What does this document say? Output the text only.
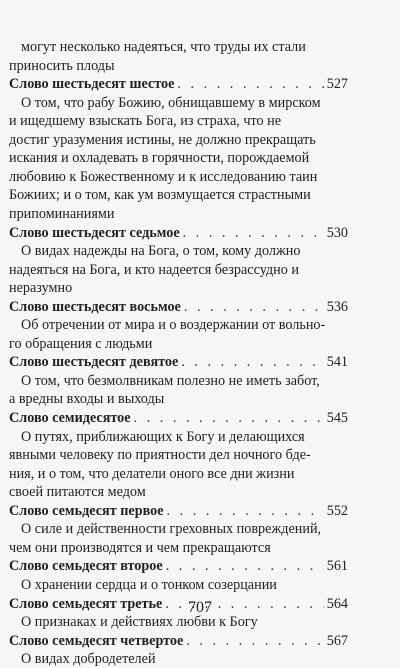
могут несколько надеяться, что труды их стали
приносить плоды
Слово шестьдесят шестое . . .	527
О том, что рабу Божию, обнищавшему в мирском
и ищедшему взыскать Бога, из страха, что не
достиг уразумения истины, не должно прекращать
искания и охладевать в горячности, порождаемой
любовию к Божественному и к исследованию таин
Божиих; и о том, как ум возмущается страстными
припоминаниями
Слово шестьдесят седьмое . . .	530
О видах надежды на Бога, о том, кому должно
надеяться на Бога, и кто надеется безрассудно и
неразумно
Слово шестьдесят восьмое . . .	536
Об отречении от мира и о воздержании от вольно-
го обращения с людьми
Слово шестьдесят девятое . . .	541
О том, что безмолвникам полезно не иметь забот,
а вредны входы и выходы
Слово семидесятое . . .	545
О путях, приближающих к Богу и делающихся
явными человеку по приятности дел ночного бде-
ния, и о том, что делатели оного все дни жизни
своей питаются медом
Слово семьдесят первое . . .	552
О силе и действенности греховных повреждений,
чем они производятся и чем прекращаются
Слово семьдесят второе . . .	561
О хранении сердца и о тонком созерцании
Слово семьдесят третье . . .	564
О признаках и действиях любви к Богу
Слово семьдесят четвертое . . .	567
О видах добродетелей
707
